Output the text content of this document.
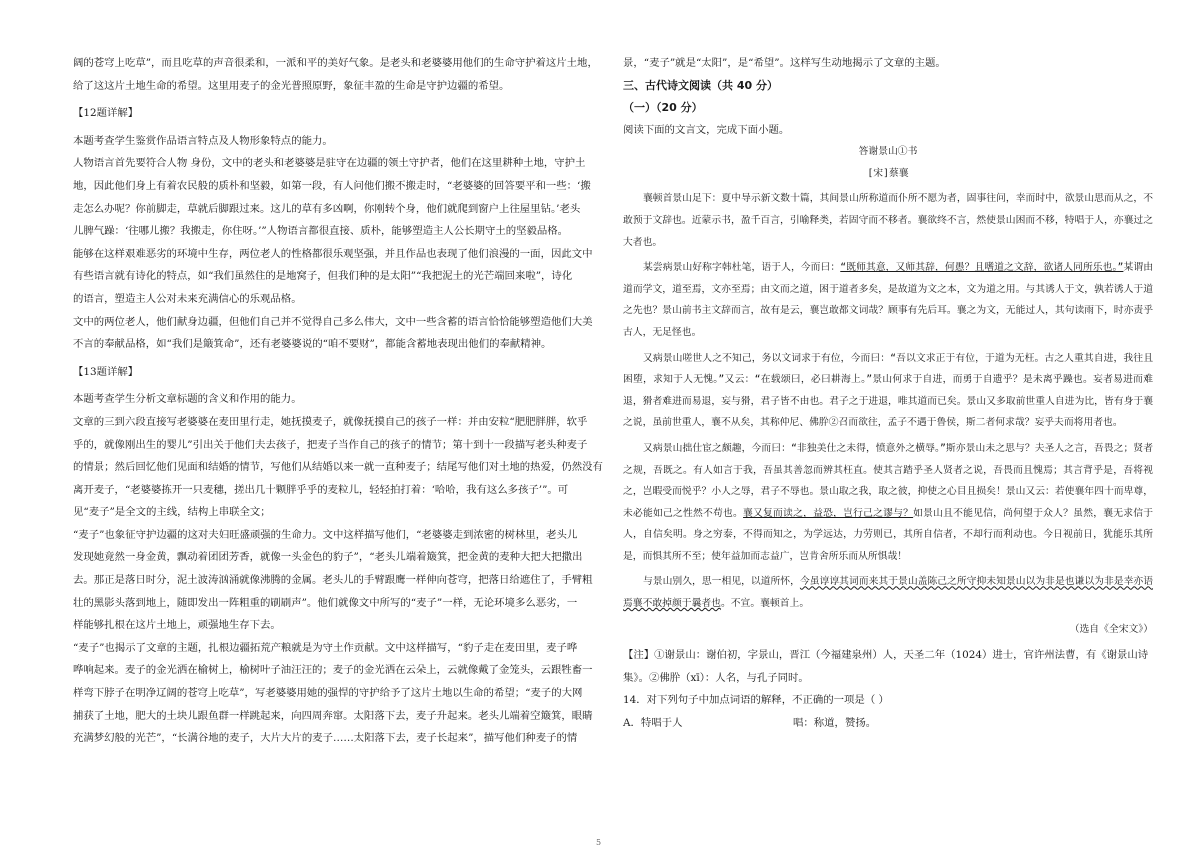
阔的苍穹上吃草”，而且吃草的声音很柔和，一派和平的美好气象。是老头和老婆婆用他们的生命守护着这片土地，

给了这这片土地生命的希望。这里用麦子的金光普照原野，象征丰盈的生命是守护边疆的希望。

【12题详解】

本题考查学生鉴赏作品语言特点及人物形象特点的能力。

人物语言首先要符合人物 身份，文中的老头和老婆婆是驻守在边疆的领土守护者，他们在这里耕种土地，守护土

地，因此他们身上有着农民般的质朴和坚毅，如第一段，有人问他们搬不搬走时，“老婆婆的回答要平和一些：‘搬

走怎么办呢？你前脚走，草就后脚跟过来。这儿的草有多凶啊，你刚转个身，他们就爬到窗户上往屋里钻。’老头

儿脾气躁：‘往哪儿搬？我搬走，你住呀。’”人物语言都很直接、质朴，能够塑造主人公长期守土的坚毅品格。

能够在这样艰难恶劣的环境中生存，两位老人的性格都很乐观坚强，并且作品也表现了他们浪漫的一面，因此文中

有些语言就有诗化的特点，如“我们虽然住的是地窝子，但我们种的是太阳”“我把泥土的光芒端回来啦”，诗化

的语言，塑造主人公对未来充满信心的乐观品格。

文中的两位老人，他们献身边疆，但他们自己并不觉得自己多么伟大，文中一些含蓄的语言恰恰能够塑造他们大美

不言的奉献品格，如“我们是簸箕命”，还有老婆婆说的“咱不要财”，都能含蓄地表现出他们的奉献精神。

【13题详解】

本题考查学生分析文章标题的含义和作用的能力。

文章的三到六段直接写老婆婆在麦田里行走，她抚摸麦子，就像抚摸自己的孩子一样：并由安粒“肥肥胖胖，软乎

乎的，就像刚出生的婴儿”引出关于他们夫去孩子，把麦子当作自己的孩子的情节；第十到十一段描写老头种麦子

的情景；然后回忆他们见面和结婚的情节，写他们从结婚以来一就一直种麦子；结尾写他们对土地的热爱，仍然没有

离开麦子，“老婆婆拣开一只麦穗，搓出几十颗胖乎乎的麦粒儿，轻轻拍打着：‘哈哈，我有这么多孩子’”。可

见“麦子”是全文的主线，结构上串联全文；

“麦子”也象征守护边疆的这对夫妇旺盛顽强的生命力。文中这样描写他们，“老婆婆走到浓密的树林里，老头儿

发现她竟然一身金黄，飘动着团团芳香，就像一头金色的豹子”，“老头儿端着簸箕，把金黄的麦种大把大把撒出

去。那正是落日时分，泥土波涛汹涌就像沸腾的金属。老头儿的手臂跟鹰一样伸向苍穹，把落日给遮住了，手臂粗

壮的黑影头落到地上，随即发出一阵粗重的刷刷声”。他们就像文中所写的“麦子”一样，无论环境多么恶劣，一

样能够扎根在这片土地上，顽强地生存下去。

“麦子”也揭示了文章的主题，扎根边疆拓荒产粮就是为守土作贡献。文中这样描写，“豹子走在麦田里，麦子哗

哗响起来。麦子的金光洒在榆树上，榆树叶子油汪汪的；麦子的金光洒在云朵上，云就像戴了金笼头，云跟牲畜一

样弯下脖子在明净辽阔的苍穹上吃草”，写老婆婆用她的强悍的守护给予了这片土地以生命的希望；“麦子的大网

捕获了土地，肥大的土块儿跟鱼群一样跳起来，向四周奔窜。太阳落下去，麦子升起来。老头儿端着空簸箕，眼睛

充满梦幻般的光芒”，“长满谷地的麦子，大片大片的麦子……太阳落下去，麦子长起来”，描写他们种麦子的情

景，“麦子”就是“太阳”，是“希望”。这样写生动地揭示了文章的主题。

三、古代诗文阅读（共 40 分）

（一）（20 分）

阅读下面的文言文，完成下面小题。

答谢景山①书

[宋]蔡襄

襄顿首景山足下：夏中导示新文数十篇，其间景山所称道而仆所不愿为者，固事往问，幸而时中，欲景山思而从之，不敢预于文辞也。近蒙示书，盈千百言，引喻释类，若固守而不移者。襄欲终不言，然使景山困而不移，特唱于人，亦襄过之大者也。

某尝病景山好称字韩杜笔，语于人，今而曰：“既师其意，又师其辞，何愚？且嗜道之文辞，欲诸人同所乐也。”某谓由道而学文，道至焉，文亦至焉；由文而之道，困于道者多矣，是故道为文之本，文为道之用。与其诱人于文，孰若诱人于道之先也？景山前书主文辞而言，故有是云，襄岂敢都文词哉？顾事有先后耳。襄之为文，无能过人，其句读雨下，时亦责乎古人，无足怪也。

又病景山嗟世人之不知己，务以文词求于有位，今而曰：“吾以文求正于有位，于道为无枉。古之人重其自进，我往且困堕，求知于人无愧。”又云：“在载颂曰，必曰耕海上。”景山何求于自进，而勇于自遗乎？是未离乎躁也。妄者易进而难退，猾者难进而易退，妄与猾，君子皆不由也。君子之于进退，唯其道而已矣。景山又多取前世重人自进为比，皆有身于襄之说，虽前世重人，襄不从矣，其称仲尼、佛肸②召而欲往，孟子不遇于鲁侯，斯二者何求哉？妄乎夫而将用者也。

又病景山拙仕宦之颇趣，今而曰：“非独美仕之未得，愤意外之横辱。”斯亦景山未之思与？夫圣人之言，吾畏之；贤者之规，吾既之。有人如言于我，吾虽其善忽而辨其枉直。使其言踏乎圣人贤者之说，吾畏而且愧焉；其言背乎是，吾将视之，岂暇受而悦乎？小人之辱，君子不辱也。景山取之我，取之彼，抑使之心目且损矣！景山又云：若使襄年四十而卑尊，未必能如己之性然不苟也。襄又复而读之，益恐，岂行己之谬与？如景山且不能见信，尚何望于众人？虽然，襄无求信于人，自信矣明。身之穷泰，不得而知之，为学远达，力劳则已，其所自信者，不却行而利动也。今日视前日，犹能乐其所是，而惧其所不至；使年益加而志益广，岂肯舍所乐而从所惧哉！

与景山别久，思一相见，以道所怀，今虽谆谆其词而来其于景山盖陈己之所守抑未知景山以为非是也谦以为非是幸亦语焉襄不敢掉颜于曩者也。不宣。襄顿首上。

（选自《全宋文》）

【注】①谢景山：谢伯初，字景山，晋江（今福建泉州）人，天圣二年（1024）进士，官许州法曹，有《谢景山诗

集》。②佛肸（xī）：人名，与孔子同时。

14．对下列句子中加点词语的解释，不正确的一项是（ ）

A．特唱于人	唱：称道，赞扬。

5
